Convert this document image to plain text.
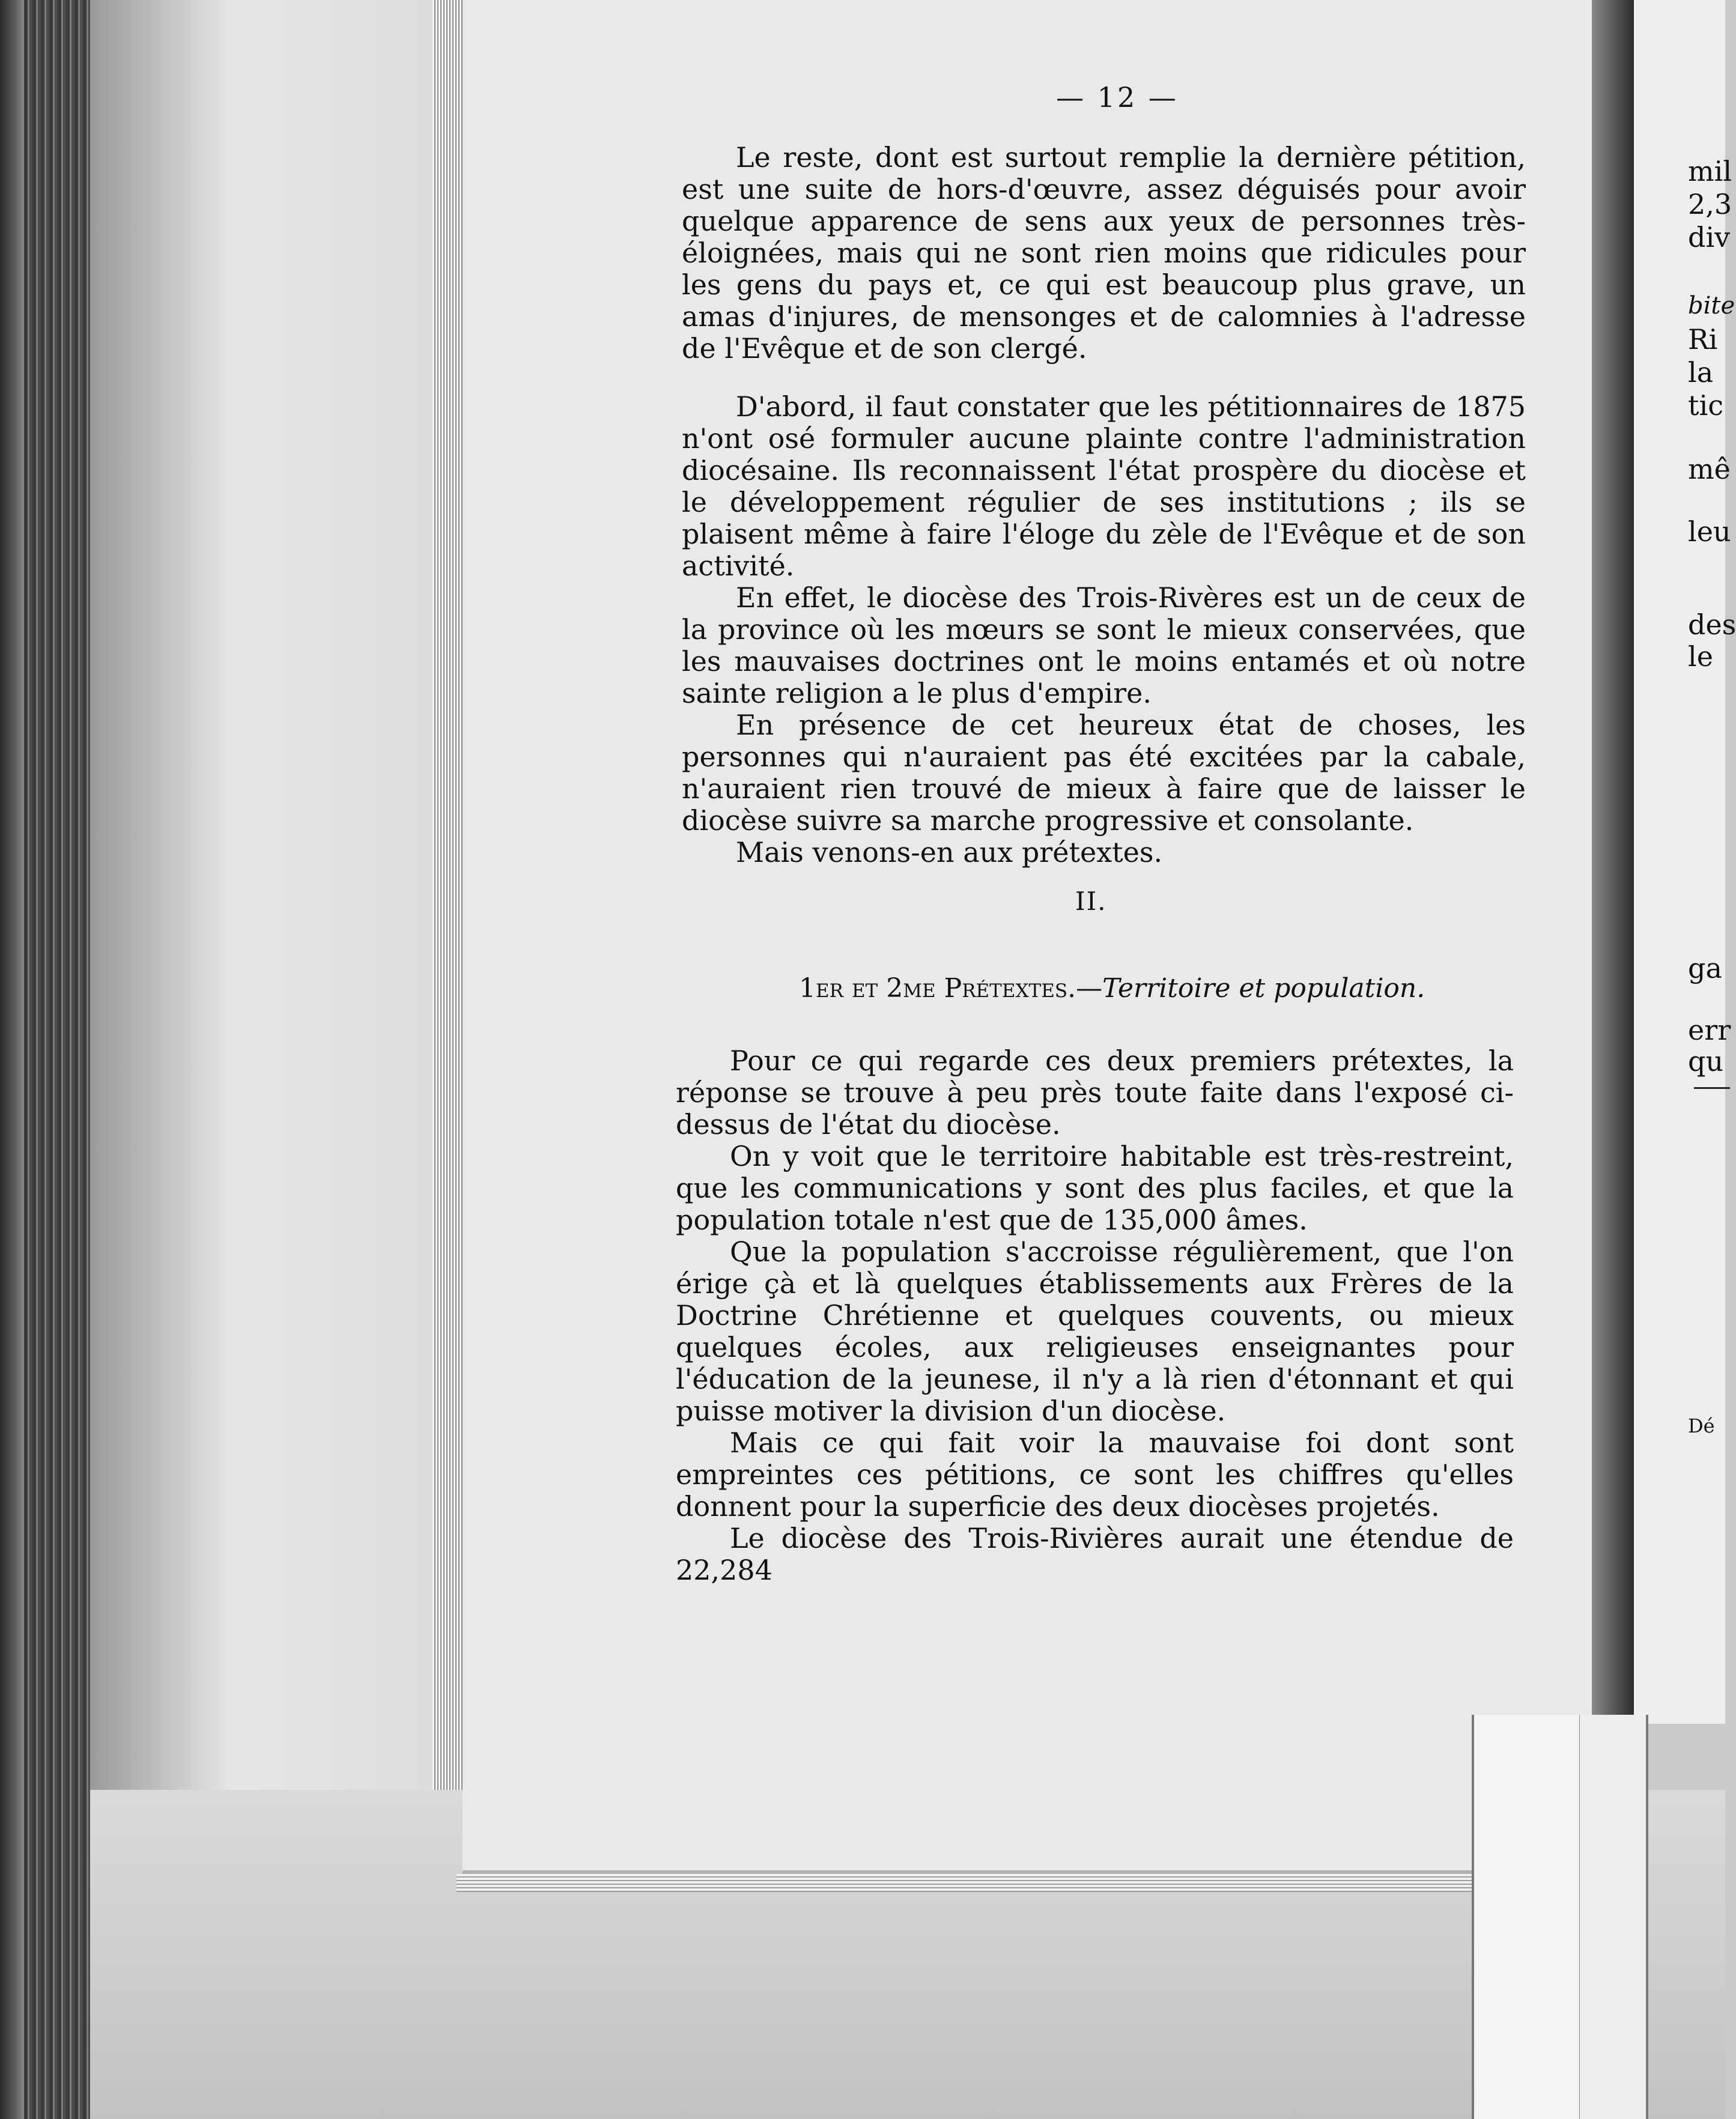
— 12 —

Le reste, dont est surtout remplie la dernière pétition, est une suite de hors-d'œuvre, assez déguisés pour avoir quelque apparence de sens aux yeux de personnes très-éloignées, mais qui ne sont rien moins que ridicules pour les gens du pays et, ce qui est beaucoup plus grave, un amas d'injures, de mensonges et de calomnies à l'adresse de l'Evêque et de son clergé.

D'abord, il faut constater que les pétitionnaires de 1875 n'ont osé formuler aucune plainte contre l'administration diocésaine. Ils reconnaissent l'état prospère du diocèse et le développement régulier de ses institutions ; ils se plaisent même à faire l'éloge du zèle de l'Evêque et de son activité.

En effet, le diocèse des Trois-Rivères est un de ceux de la province où les mœurs se sont le mieux conservées, que les mauvaises doctrines ont le moins entamés et où notre sainte religion a le plus d'empire.

En présence de cet heureux état de choses, les personnes qui n'auraient pas été excitées par la cabale, n'auraient rien trouvé de mieux à faire que de laisser le diocèse suivre sa marche progressive et consolante.

Mais venons-en aux prétextes.

II.
1er et 2me Prétextes.—Territoire et population.

Pour ce qui regarde ces deux premiers prétextes, la réponse se trouve à peu près toute faite dans l'exposé ci-dessus de l'état du diocèse.

On y voit que le territoire habitable est très-restreint, que les communications y sont des plus faciles, et que la population totale n'est que de 135,000 âmes.

Que la population s'accroisse régulièrement, que l'on érige çà et là quelques établissements aux Frères de la Doctrine Chrétienne et quelques couvents, ou mieux quelques écoles, aux religieuses enseignantes pour l'éducation de la jeunese, il n'y a là rien d'étonnant et qui puisse motiver la division d'un diocèse.

Mais ce qui fait voir la mauvaise foi dont sont empreintes ces pétitions, ce sont les chiffres qu'elles donnent pour la superficie des deux diocèses projetés.

Le diocèse des Trois-Rivières aurait une étendue de 22,284

mil
2,3
div
bite
Ri
la
tic
mê
leu
des
le
ga
err
qu
Dé
